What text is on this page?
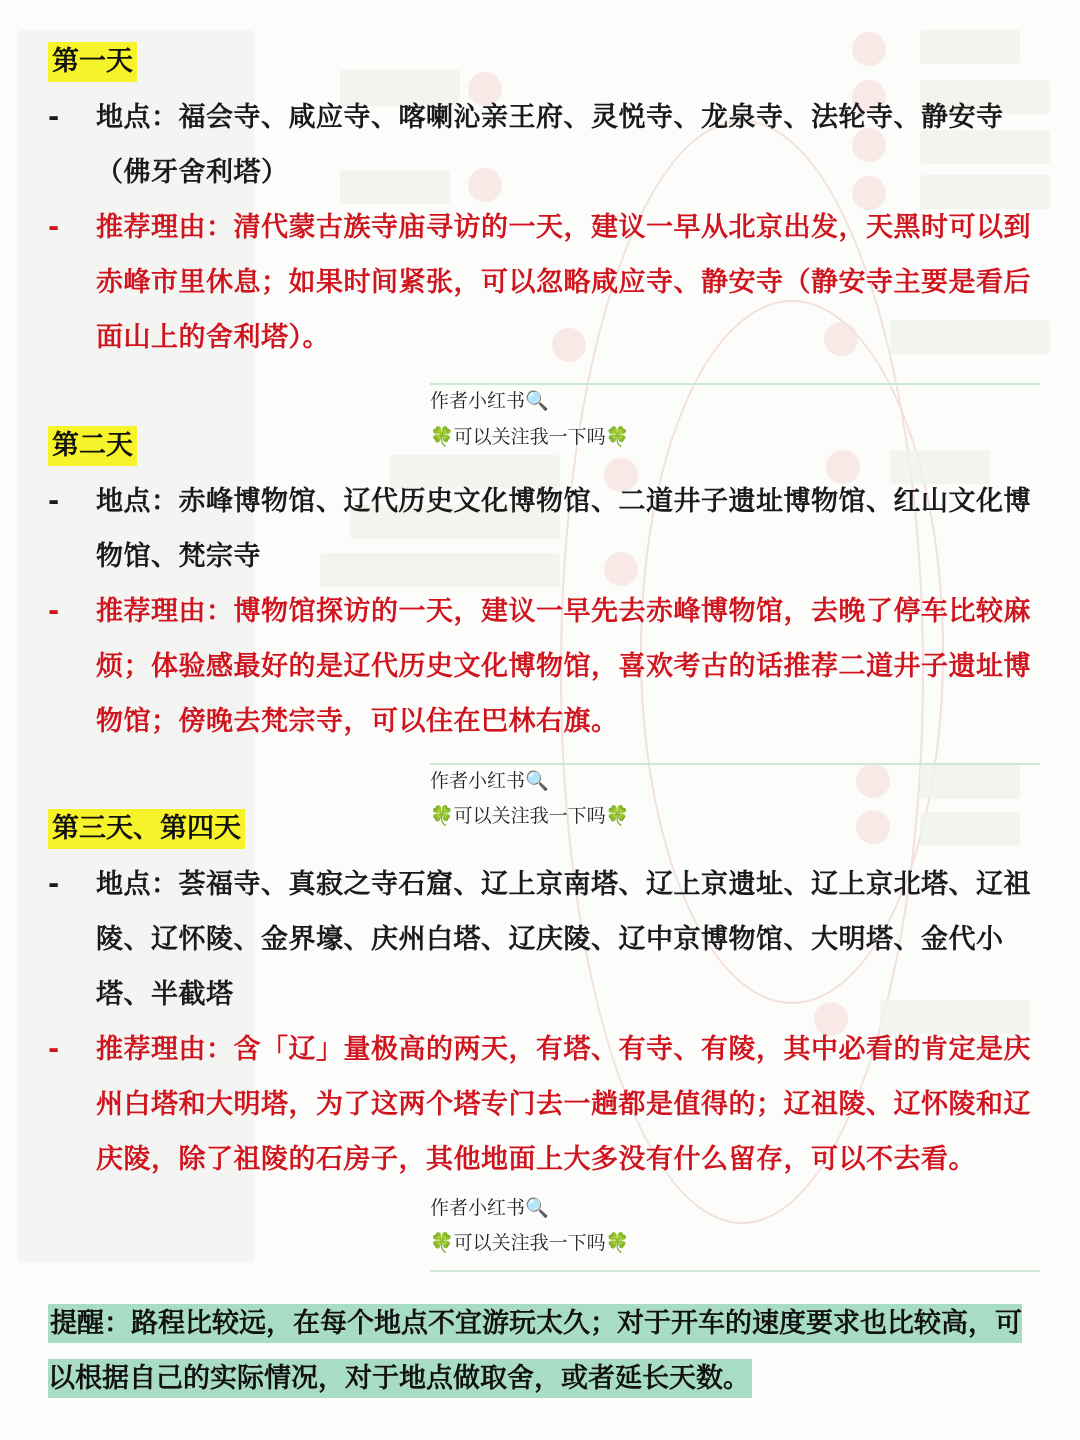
第一天
-	地点：福会寺、咸应寺、喀喇沁亲王府、灵悦寺、龙泉寺、法轮寺、静安寺（佛牙舍利塔）
-	推荐理由：清代蒙古族寺庙寻访的一天，建议一早从北京出发，天黑时可以到赤峰市里休息；如果时间紧张，可以忽略咸应寺、静安寺（静安寺主要是看后面山上的舍利塔）。
作者小红书🔍
🍀可以关注我一下吗🍀
第二天
-	地点：赤峰博物馆、辽代历史文化博物馆、二道井子遗址博物馆、红山文化博物馆、梵宗寺
-	推荐理由：博物馆探访的一天，建议一早先去赤峰博物馆，去晚了停车比较麻烦；体验感最好的是辽代历史文化博物馆，喜欢考古的话推荐二道井子遗址博物馆；傍晚去梵宗寺，可以住在巴林右旗。
作者小红书🔍
🍀可以关注我一下吗🍀
第三天、第四天
-	地点：荟福寺、真寂之寺石窟、辽上京南塔、辽上京遗址、辽上京北塔、辽祖陵、辽怀陵、金界壕、庆州白塔、辽庆陵、辽中京博物馆、大明塔、金代小塔、半截塔
-	推荐理由：含「辽」量极高的两天，有塔、有寺、有陵，其中必看的肯定是庆州白塔和大明塔，为了这两个塔专门去一趟都是值得的；辽祖陵、辽怀陵和辽庆陵，除了祖陵的石房子，其他地面上大多没有什么留存，可以不去看。
作者小红书🔍
🍀可以关注我一下吗🍀
提醒：路程比较远，在每个地点不宜游玩太久；对于开车的速度要求也比较高，可以根据自己的实际情况，对于地点做取舍，或者延长天数。
